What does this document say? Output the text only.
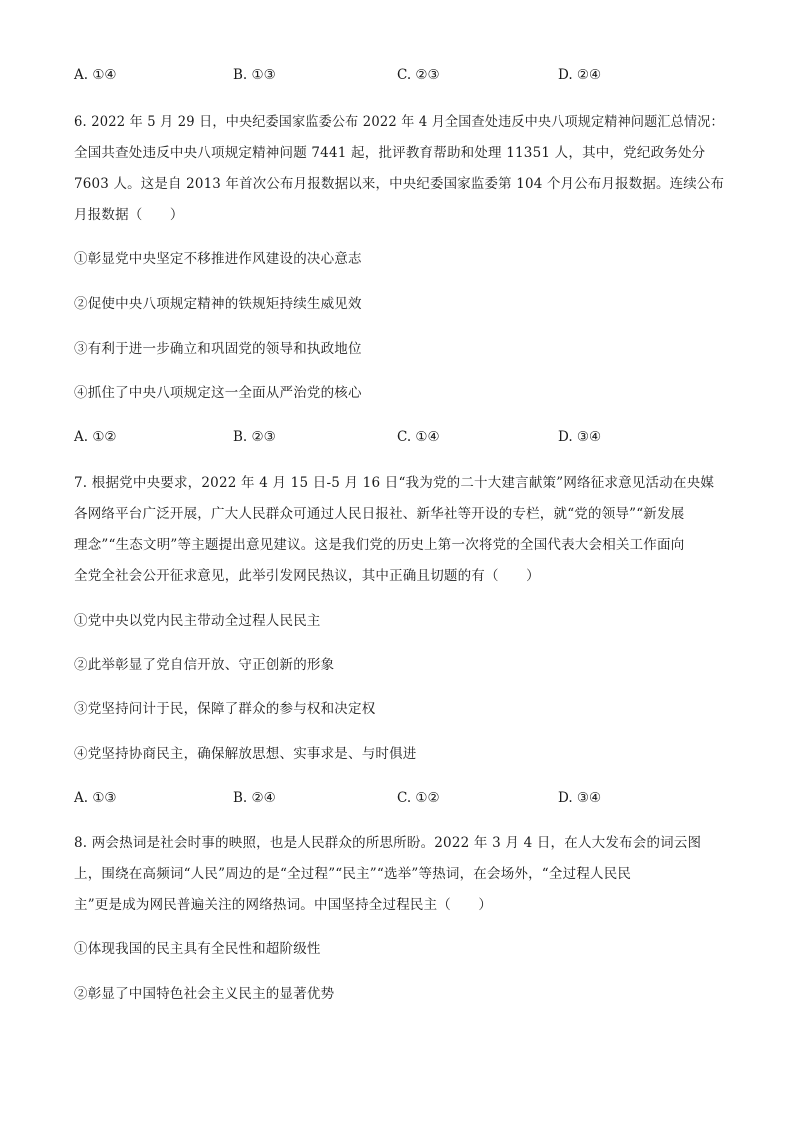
A. ①④	B. ①③	C. ②③	D. ②④
6. 2022 年 5 月 29 日，中央纪委国家监委公布 2022 年 4 月全国查处违反中央八项规定精神问题汇总情况：
全国共查处违反中央八项规定精神问题 7441 起，批评教育帮助和处理 11351 人，其中，党纪政务处分
7603 人。这是自 2013 年首次公布月报数据以来，中央纪委国家监委第 104 个月公布月报数据。连续公布
月报数据（　　）
①彰显党中央坚定不移推进作风建设的决心意志
②促使中央八项规定精神的铁规矩持续生威见效
③有利于进一步确立和巩固党的领导和执政地位
④抓住了中央八项规定这一全面从严治党的核心
A. ①②	B. ②③	C. ①④	D. ③④
7. 根据党中央要求，2022 年 4 月 15 日-5 月 16 日“我为党的二十大建言献策”网络征求意见活动在央媒
各网络平台广泛开展，广大人民群众可通过人民日报社、新华社等开设的专栏，就“党的领导”“新发展
理念”“生态文明”等主题提出意见建议。这是我们党的历史上第一次将党的全国代表大会相关工作面向
全党全社会公开征求意见，此举引发网民热议，其中正确且切题的有（　　）
①党中央以党内民主带动全过程人民民主
②此举彰显了党自信开放、守正创新的形象
③党坚持问计于民，保障了群众的参与权和决定权
④党坚持协商民主，确保解放思想、实事求是、与时俱进
A. ①③	B. ②④	C. ①②	D. ③④
8. 两会热词是社会时事的映照，也是人民群众的所思所盼。2022 年 3 月 4 日，在人大发布会的词云图
上，围绕在高频词“人民”周边的是“全过程”“民主”“选举”等热词，在会场外，“全过程人民民
主”更是成为网民普遍关注的网络热词。中国坚持全过程民主（　　）
①体现我国的民主具有全民性和超阶级性
②彰显了中国特色社会主义民主的显著优势
